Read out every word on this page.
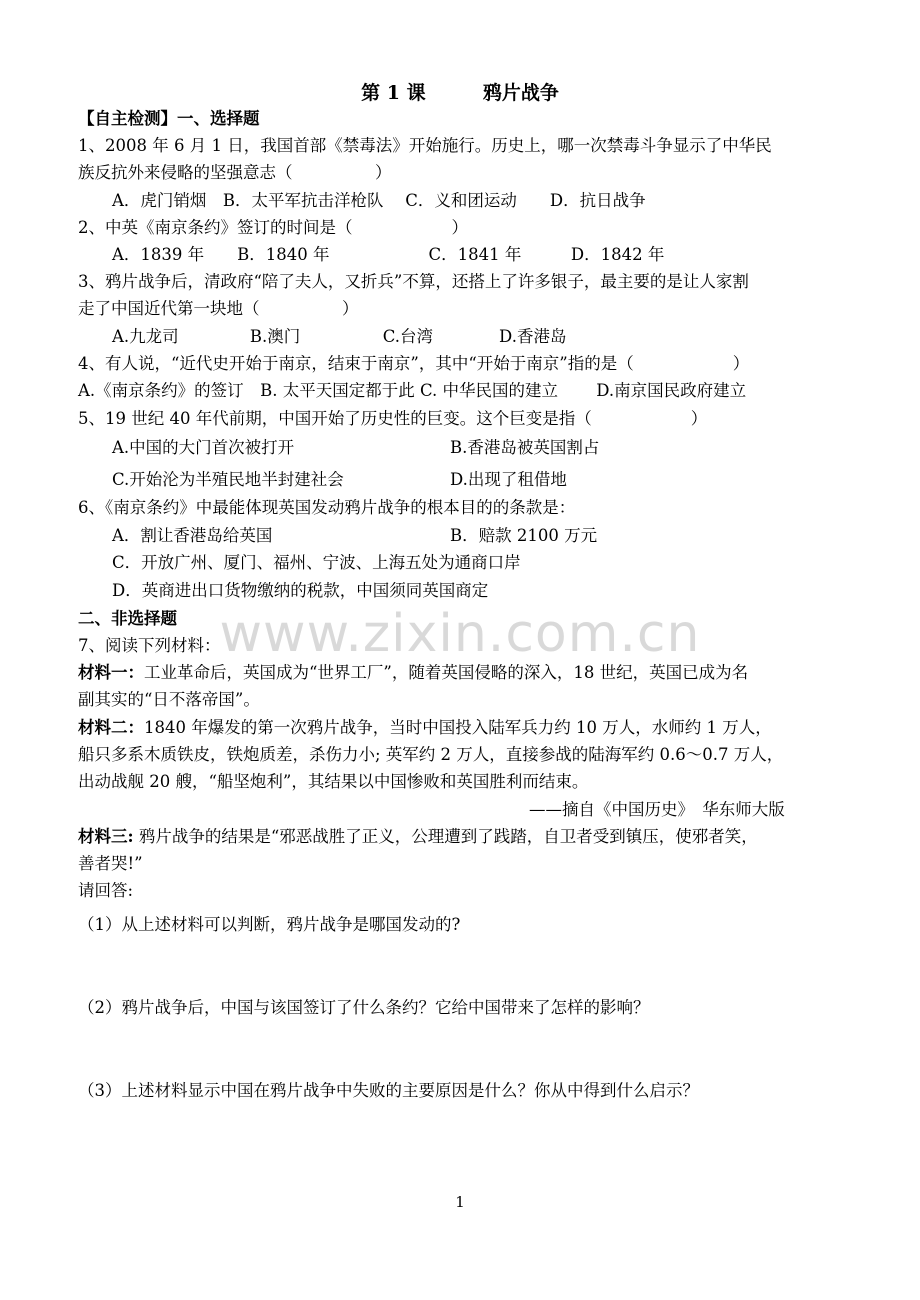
第 1 课	鸦片战争
【自主检测】一、选择题
1、2008 年 6 月 1 日，我国首部《禁毒法》开始施行。历史上，哪一次禁毒斗争显示了中华民
族反抗外来侵略的坚强意志（　　　　　）
A．虎门销烟　B．太平军抗击洋枪队　 C．义和团运动　　D．抗日战争
2、中英《南京条约》签订的时间是（　　　　　　）
A．1839 年　　B．1840 年　　　　　　C．1841 年　　　D．1842 年
3、鸦片战争后，清政府“陪了夫人，又折兵”不算，还搭上了许多银子，最主要的是让人家割
走了中国近代第一块地（　　　　　）
A.九龙司　　　　 B.澳门　　　　　C.台湾　　　　D.香港岛
4、有人说，“近代史开始于南京，结束于南京”，其中“开始于南京”指的是（　　　　　　）
A.《南京条约》的签订　B. 太平天国定都于此 C. 中华民国的建立　　 D.南京国民政府建立
5、19 世纪 40 年代前期，中国开始了历史性的巨变。这个巨变是指（　　　　　　）
A.中国的大门首次被打开	B.香港岛被英国割占
C.开始沦为半殖民地半封建社会	D.出现了租借地
6、《南京条约》中最能体现英国发动鸦片战争的根本目的的条款是：
A．割让香港岛给英国	B．赔款 2100 万元
C．开放广州、厦门、福州、宁波、上海五处为通商口岸
D．英商进出口货物缴纳的税款，中国须同英国商定
二、非选择题 www.zixin.com.cn
7、阅读下列材料：
材料一：工业革命后，英国成为“世界工厂”，随着英国侵略的深入，18 世纪，英国已成为名
副其实的“日不落帝国”。
材料二：1840 年爆发的第一次鸦片战争，当时中国投入陆军兵力约 10 万人，水师约 1 万人，
船只多系木质铁皮，铁炮质差，杀伤力小; 英军约 2 万人，直接参战的陆海军约 0.6～0.7 万人，
出动战舰 20 艘，“船坚炮利”，其结果以中国惨败和英国胜利而结束。
——摘自《中国历史》　华东师大版
材料三: 鸦片战争的结果是“邪恶战胜了正义，公理遭到了践踏，自卫者受到镇压，使邪者笑，
善者哭!”
请回答:
（1）从上述材料可以判断，鸦片战争是哪国发动的?
（2）鸦片战争后，中国与该国签订了什么条约？它给中国带来了怎样的影响？
（3）上述材料显示中国在鸦片战争中失败的主要原因是什么？你从中得到什么启示？
1
